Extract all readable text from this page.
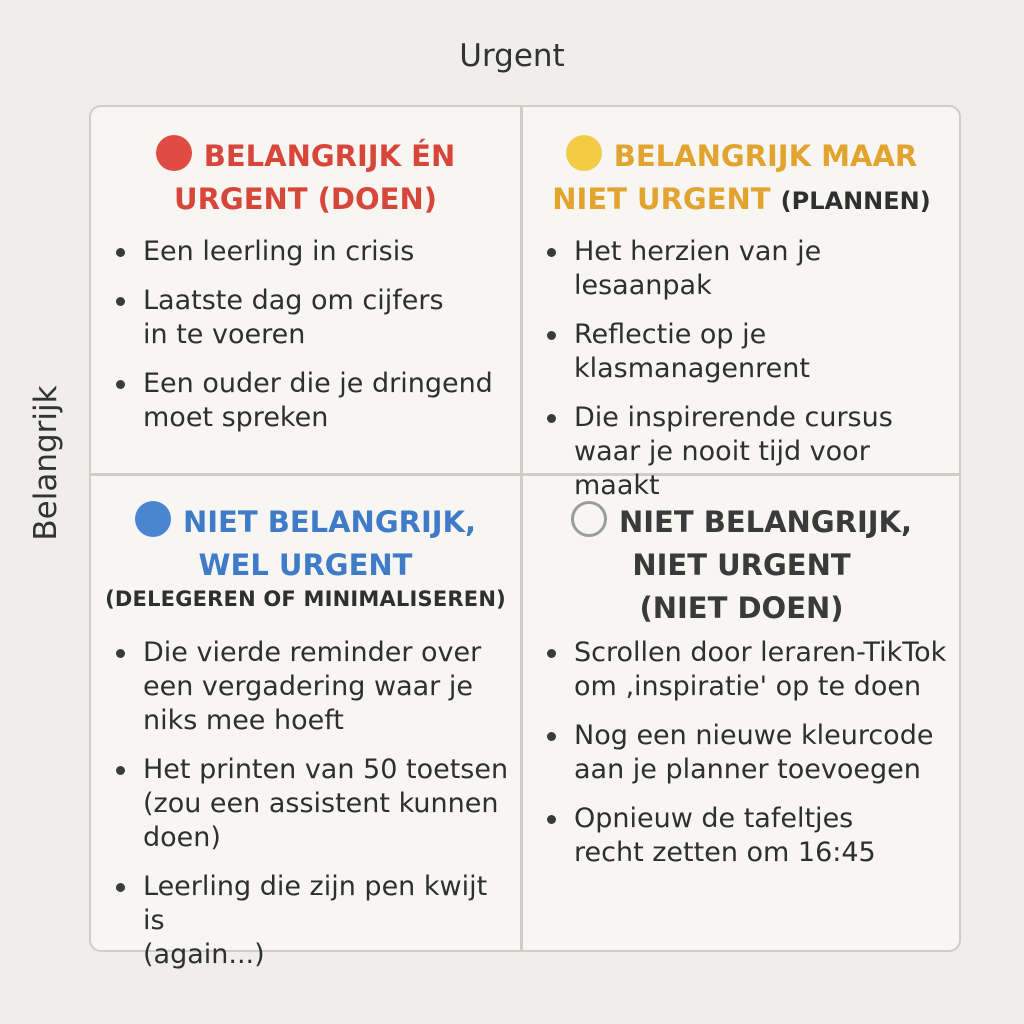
Urgent
Belangrijk
BELANGRIJK ÉN
URGENT (DOEN)
Een leerling in crisis
Laatste dag om cijfers
in te voeren
Een ouder die je dringend
moet spreken
BELANGRIJK MAAR
NIET URGENT (PLANNEN)
Het herzien van je lesaanpak
Reflectie op je
klasmanagenrent
Die inspirerende cursus
waar je nooit tijd voor maakt
NIET BELANGRIJK,
WEL URGENT
(DELEGEREN OF MINIMALISEREN)
Die vierde reminder over
een vergadering waar je
niks mee hoeft
Het printen van 50 toetsen
(zou een assistent kunnen
doen)
Leerling die zijn pen kwijt is
(again...)
NIET BELANGRIJK,
NIET URGENT
(NIET DOEN)
Scrollen door leraren-TikTok
om ‚inspiratie' op te doen
Nog een nieuwe kleurcode
aan je planner toevoegen
Opnieuw de tafeltjes
recht zetten om 16:45
